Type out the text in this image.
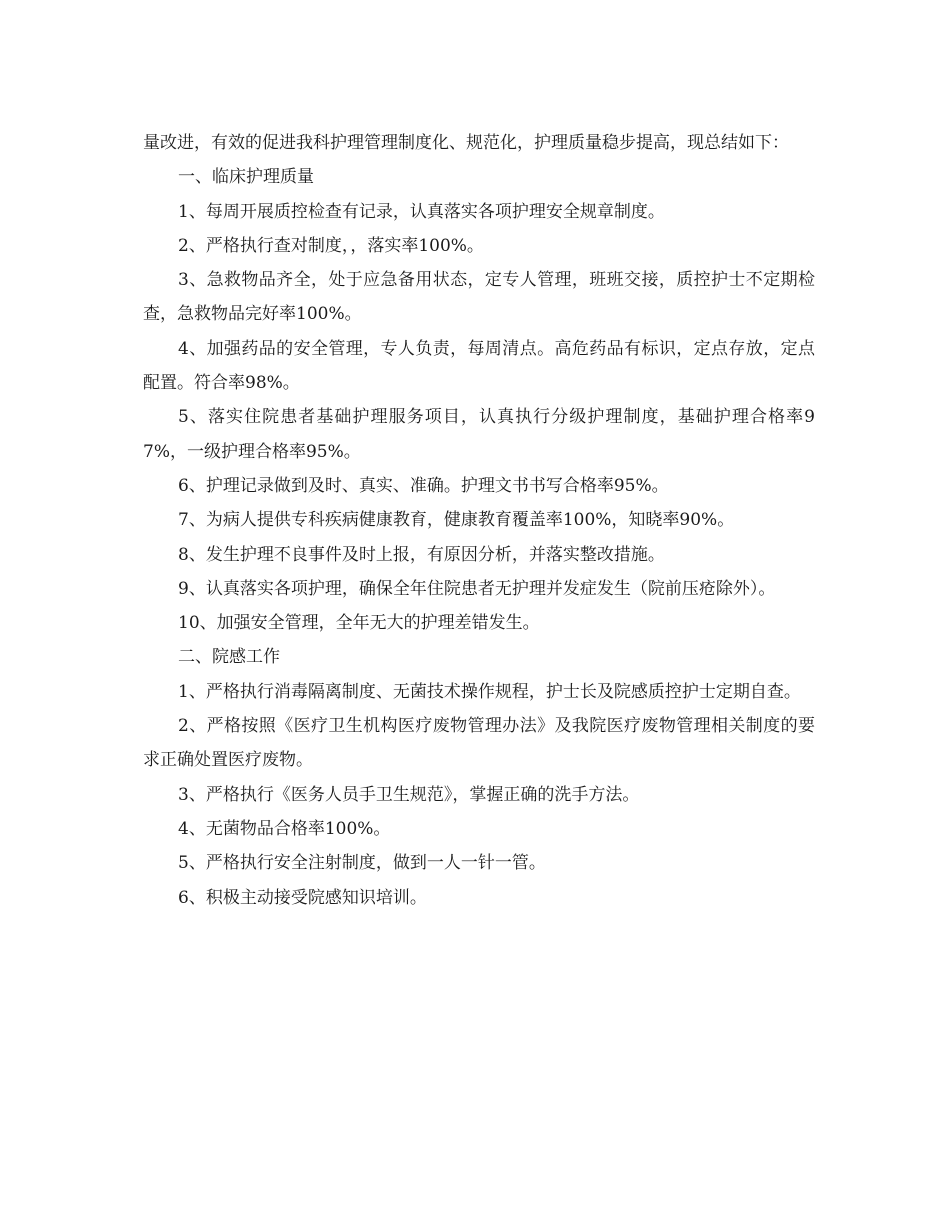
量改进，有效的促进我科护理管理制度化、规范化，护理质量稳步提高，现总结如下：

一、临床护理质量

1、每周开展质控检查有记录，认真落实各项护理安全规章制度。

2、严格执行查对制度，，落实率100%。

3、急救物品齐全，处于应急备用状态，定专人管理，班班交接，质控护士不定期检查，急救物品完好率100%。

4、加强药品的安全管理，专人负责，每周清点。高危药品有标识，定点存放，定点配置。符合率98%。

5、落实住院患者基础护理服务项目，认真执行分级护理制度，基础护理合格率97%，一级护理合格率95%。

6、护理记录做到及时、真实、准确。护理文书书写合格率95%。

7、为病人提供专科疾病健康教育，健康教育覆盖率100%，知晓率90%。

8、发生护理不良事件及时上报，有原因分析，并落实整改措施。

9、认真落实各项护理，确保全年住院患者无护理并发症发生（院前压疮除外）。

10、加强安全管理，全年无大的护理差错发生。

二、院感工作

1、严格执行消毒隔离制度、无菌技术操作规程，护士长及院感质控护士定期自查。

2、严格按照《医疗卫生机构医疗废物管理办法》及我院医疗废物管理相关制度的要求正确处置医疗废物。

3、严格执行《医务人员手卫生规范》，掌握正确的洗手方法。

4、无菌物品合格率100%。

5、严格执行安全注射制度，做到一人一针一管。

6、积极主动接受院感知识培训。
